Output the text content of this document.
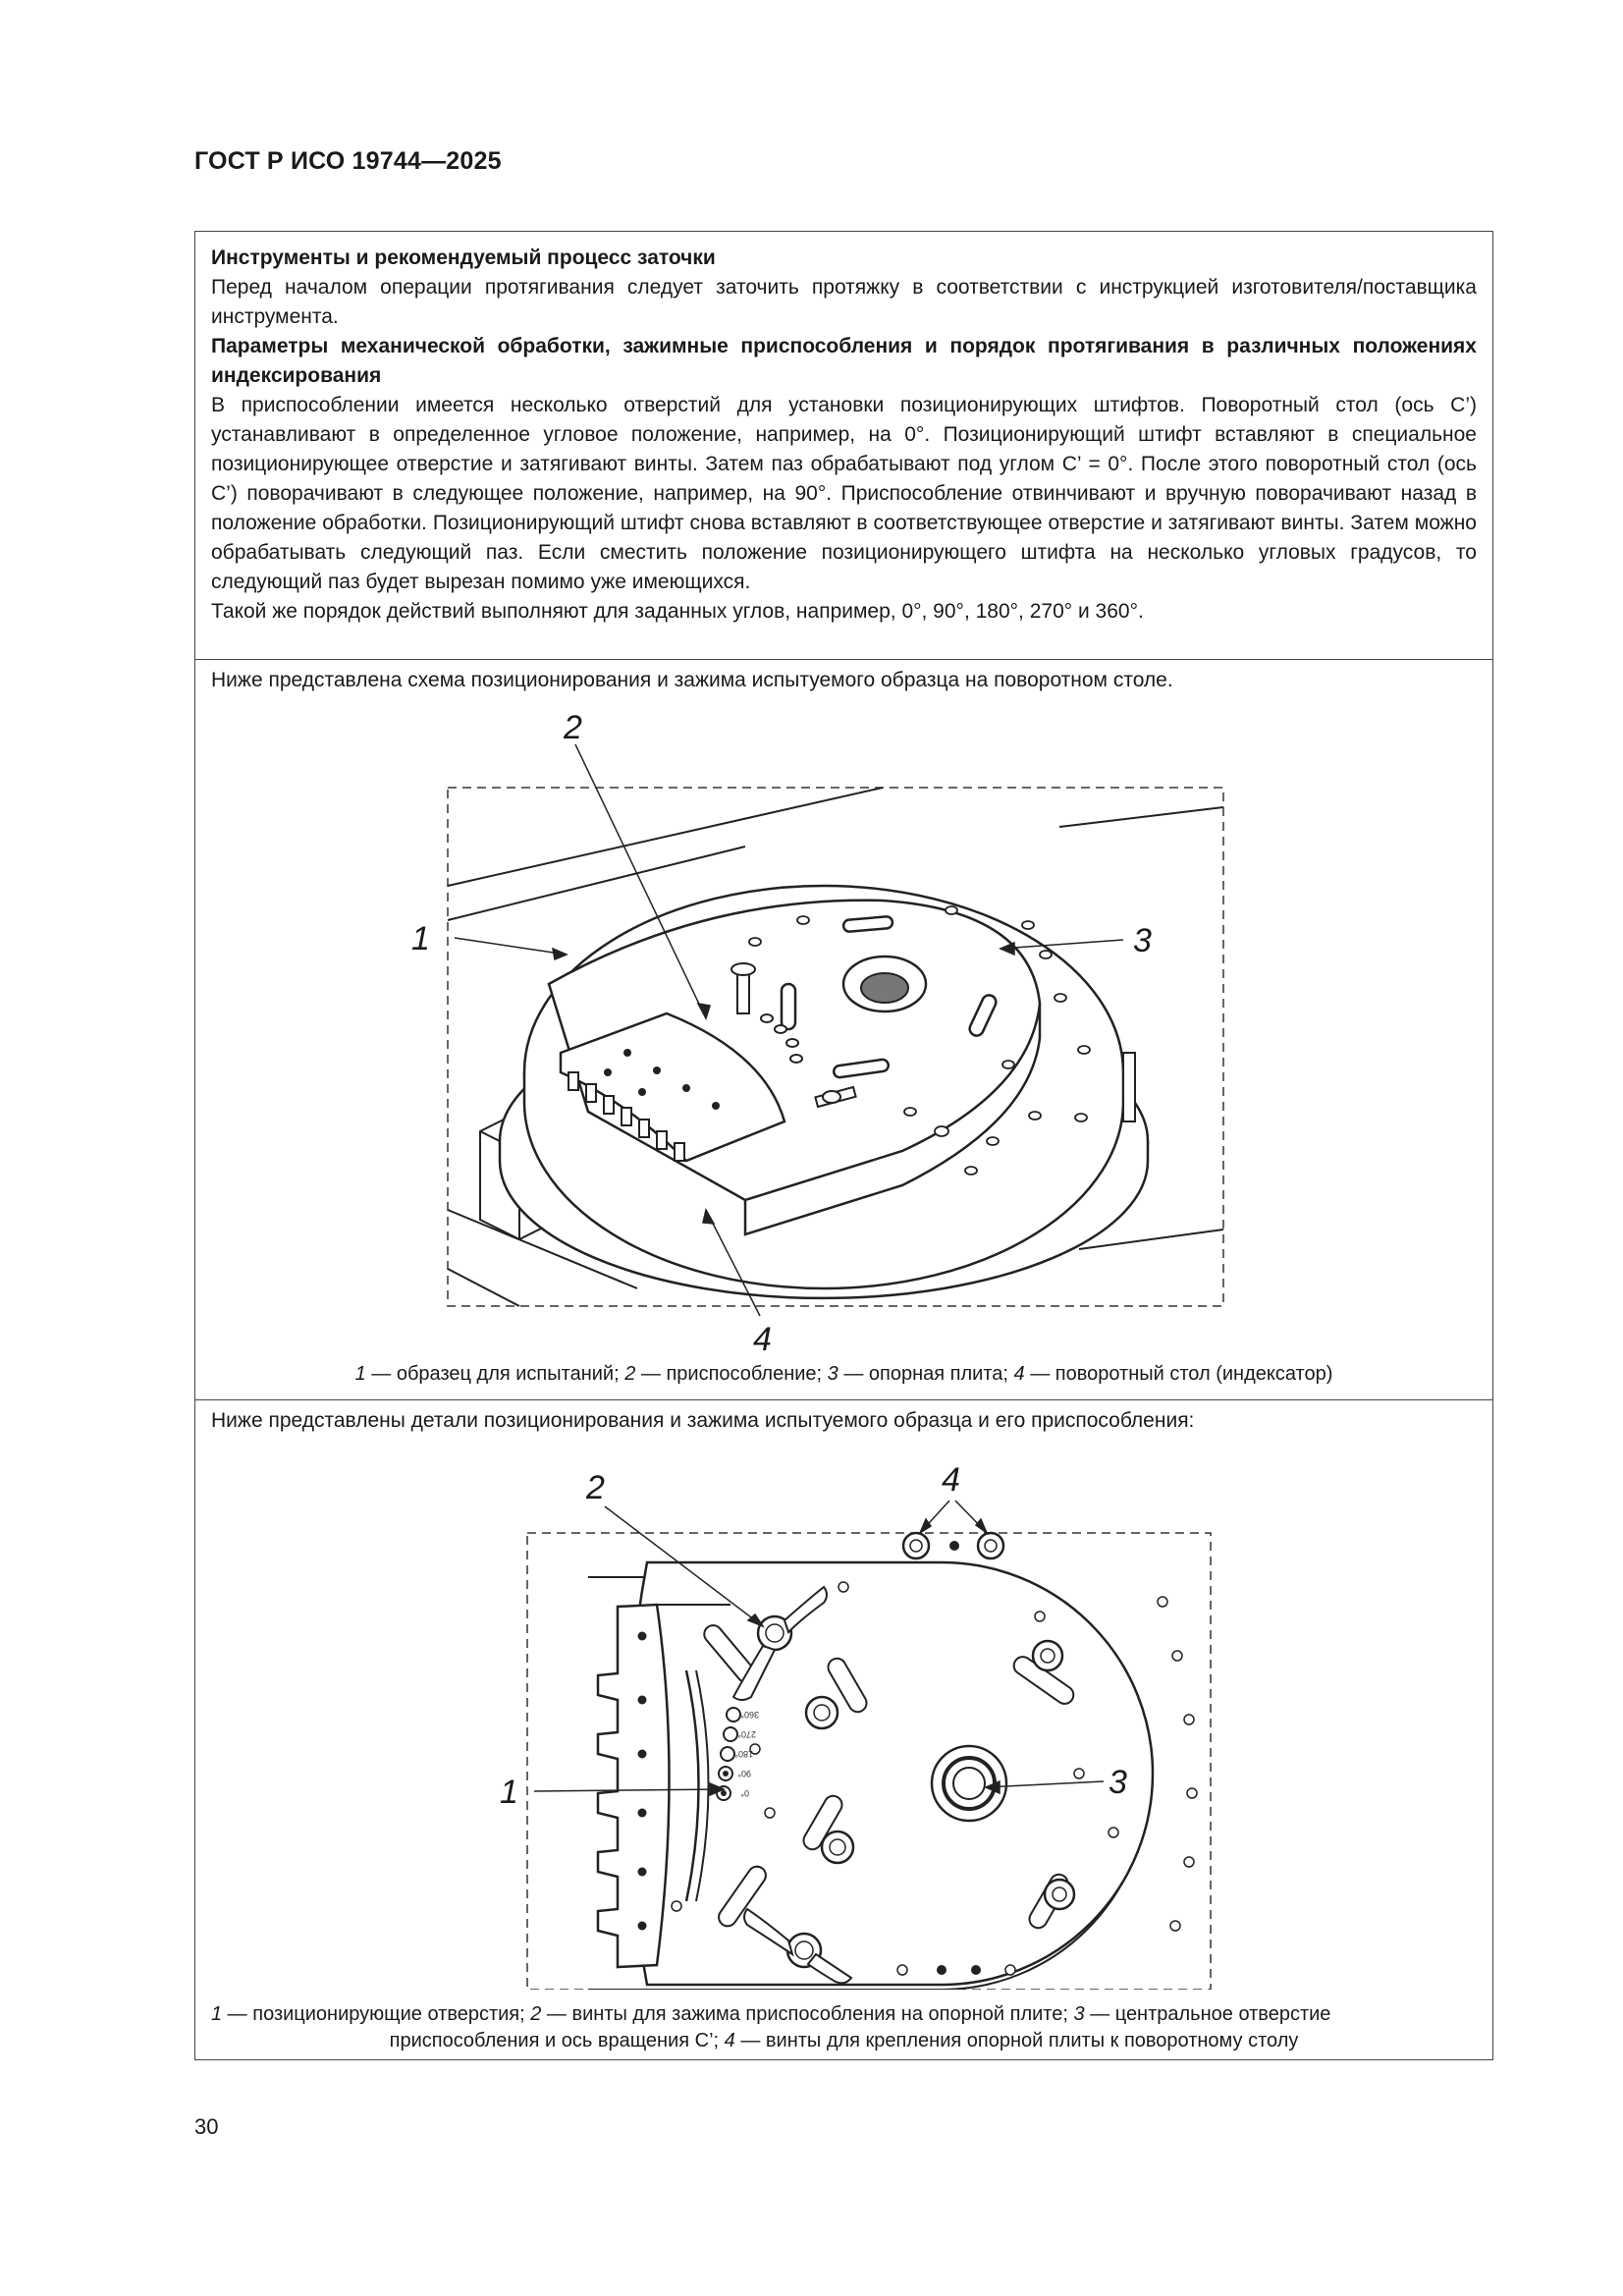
ГОСТ Р ИСО 19744—2025

Инструменты и рекомендуемый процесс заточки

Перед началом операции протягивания следует заточить протяжку в соответствии с инструкцией изготовителя/поставщика инструмента.

Параметры механической обработки, зажимные приспособления и порядок протягивания в различных положениях индексирования

В приспособлении имеется несколько отверстий для установки позиционирующих штифтов. Поворотный стол (ось C’) устанавливают в определенное угловое положение, например, на 0°. Позиционирующий штифт вставляют в специальное позиционирующее отверстие и затягивают винты. Затем паз обрабатывают под углом C’ = 0°. После этого поворотный стол (ось C’) поворачивают в следующее положение, например, на 90°. Приспособление отвинчивают и вручную поворачивают назад в положение обработки. Позиционирующий штифт снова вставляют в соответствующее отверстие и затягивают винты. Затем можно обрабатывать следующий паз. Если сместить положение позиционирующего штифта на несколько угловых градусов, то следующий паз будет вырезан помимо уже имеющихся.

Такой же порядок действий выполняют для заданных углов, например, 0°, 90°, 180°, 270° и 360°.

Ниже представлена схема позиционирования и зажима испытуемого образца на поворотном столе.

2
1	3
4
1 — образец для испытаний; 2 — приспособление; 3 — опорная плита; 4 — поворотный стол (индексатор)

Ниже представлены детали позиционирования и зажима испытуемого образца и его приспособления:

360°
270°
180°
90°
0°
2
1	3
4
1 — позиционирующие отверстия; 2 — винты для зажима приспособления на опорной плите; 3 — центральное отверстие
приспособления и ось вращения C’; 4 — винты для крепления опорной плиты к поворотному столу
30
